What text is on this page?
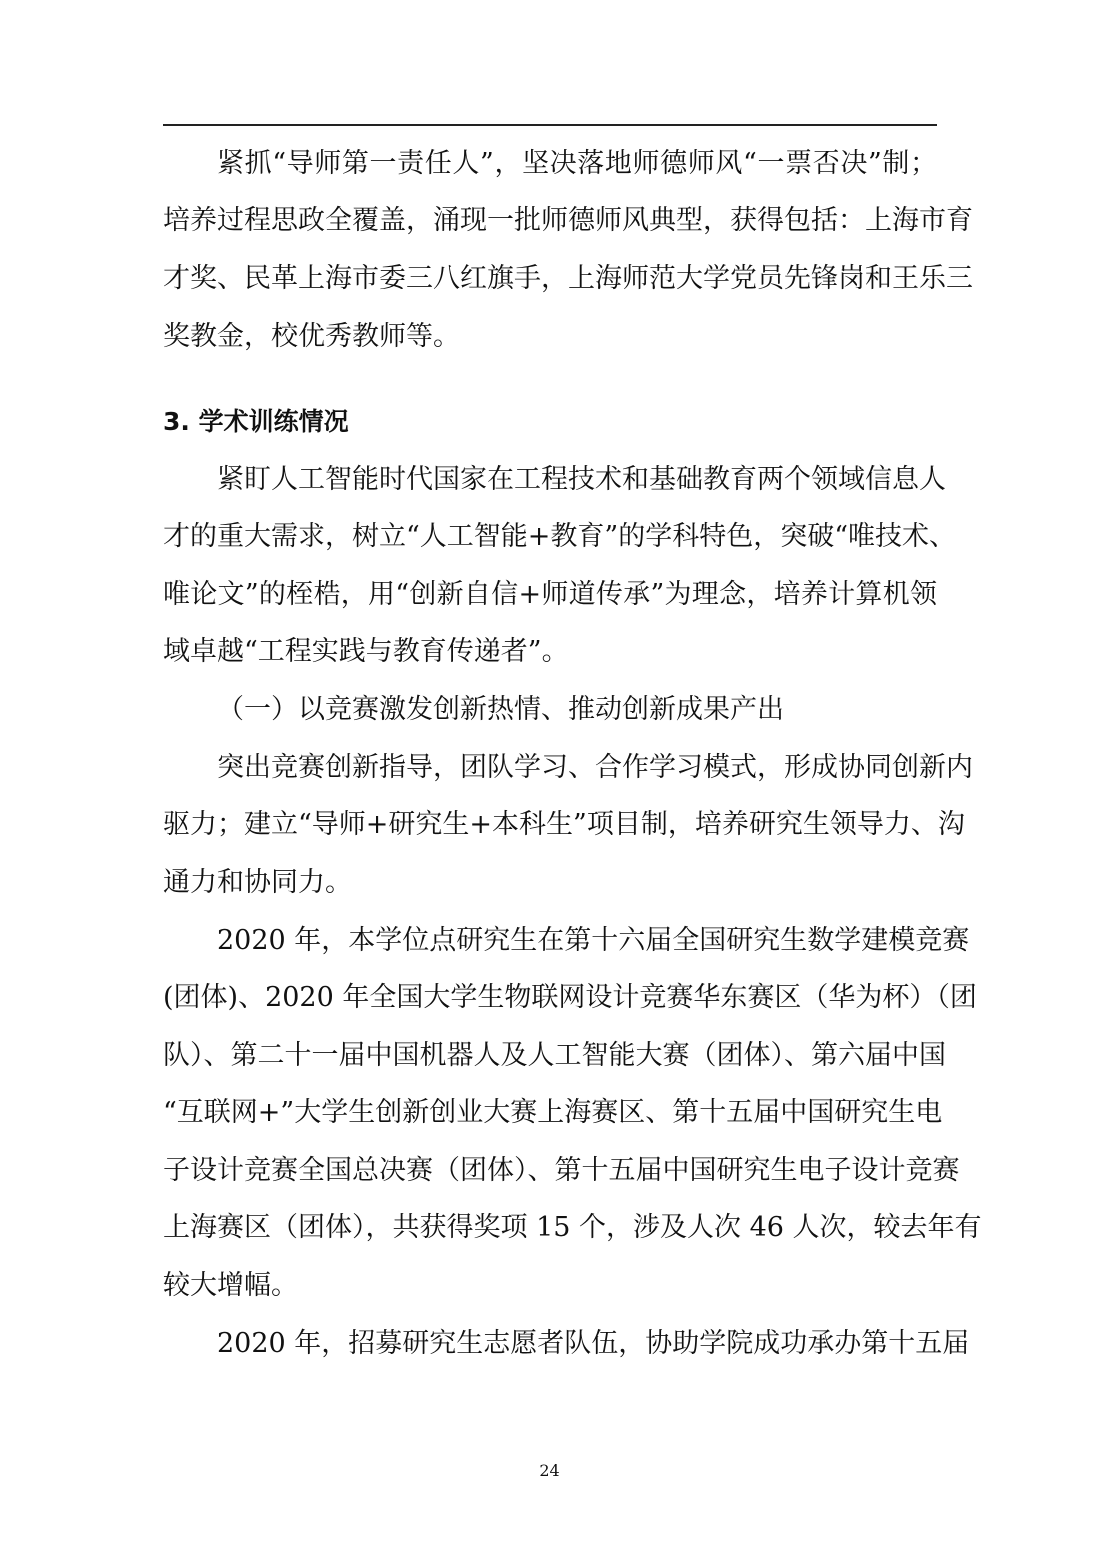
紧抓“导师第一责任人”，坚决落地师德师风“一票否决”制；
培养过程思政全覆盖，涌现一批师德师风典型，获得包括：上海市育
才奖、民革上海市委三八红旗手，上海师范大学党员先锋岗和王乐三
奖教金，校优秀教师等。
3. 学术训练情况
紧盯人工智能时代国家在工程技术和基础教育两个领域信息人
才的重大需求，树立“人工智能+教育”的学科特色，突破“唯技术、
唯论文”的桎梏，用“创新自信+师道传承”为理念，培养计算机领
域卓越“工程实践与教育传递者”。
（一）以竞赛激发创新热情、推动创新成果产出
突出竞赛创新指导，团队学习、合作学习模式，形成协同创新内
驱力；建立“导师+研究生+本科生”项目制，培养研究生领导力、沟
通力和协同力。
2020 年，本学位点研究生在第十六届全国研究生数学建模竞赛
(团体)、2020 年全国大学生物联网设计竞赛华东赛区（华为杯）（团
队）、第二十一届中国机器人及人工智能大赛（团体）、第六届中国
“互联网+”大学生创新创业大赛上海赛区、第十五届中国研究生电
子设计竞赛全国总决赛（团体）、第十五届中国研究生电子设计竞赛
上海赛区（团体），共获得奖项 15 个，涉及人次 46 人次，较去年有
较大增幅。
2020 年，招募研究生志愿者队伍，协助学院成功承办第十五届
24
